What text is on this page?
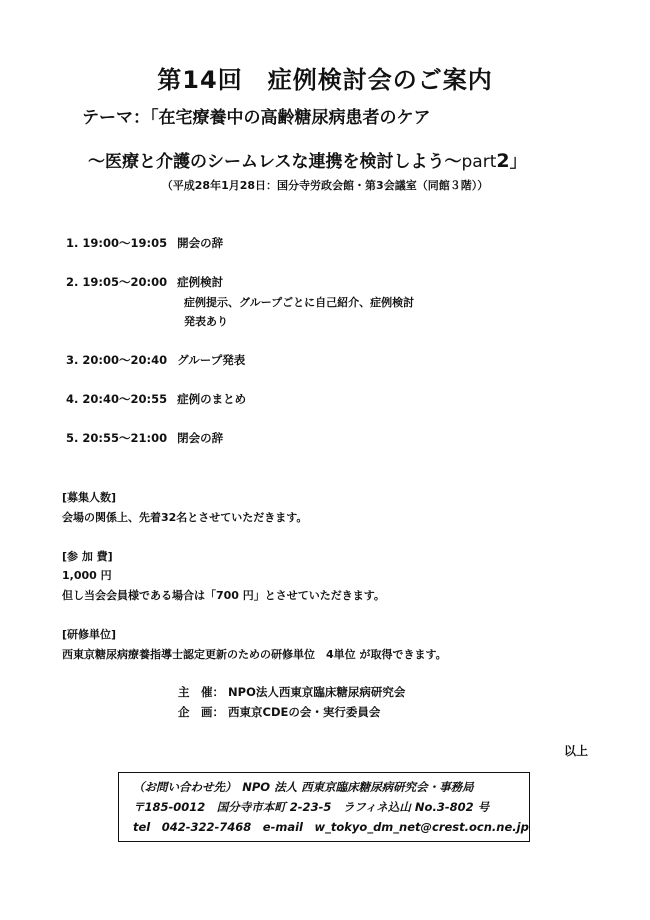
第14回　症例検討会のご案内
テーマ：「在宅療養中の高齢糖尿病患者のケア
～医療と介護のシームレスな連携を検討しよう～part2」
（平成28年1月28日：国分寺労政会館・第3会議室（同館３階））
1. 19:00～19:05 開会の辞
2. 19:05～20:00 症例検討
症例提示、グループごとに自己紹介、症例検討
発表あり
3. 20:00～20:40 グループ発表
4. 20:40～20:55 症例のまとめ
5. 20:55～21:00 閉会の辞
[募集人数]
会場の関係上、先着32名とさせていただきます。
[参 加 費]
1,000 円
但し当会会員様である場合は「700 円」とさせていただきます。
[研修単位]
西東京糖尿病療養指導士認定更新のための研修単位　4単位 が取得できます。
主　催： NPO法人西東京臨床糖尿病研究会
企　画： 西東京CDEの会・実行委員会
以上
（お問い合わせ先）　NPO 法人 西東京臨床糖尿病研究会・事務局
〒185-0012　国分寺市本町 2-23-5　ラフィネ込山 No.3-802 号
tel　042-322-7468　e-mail　w_tokyo_dm_net@crest.ocn.ne.jp
